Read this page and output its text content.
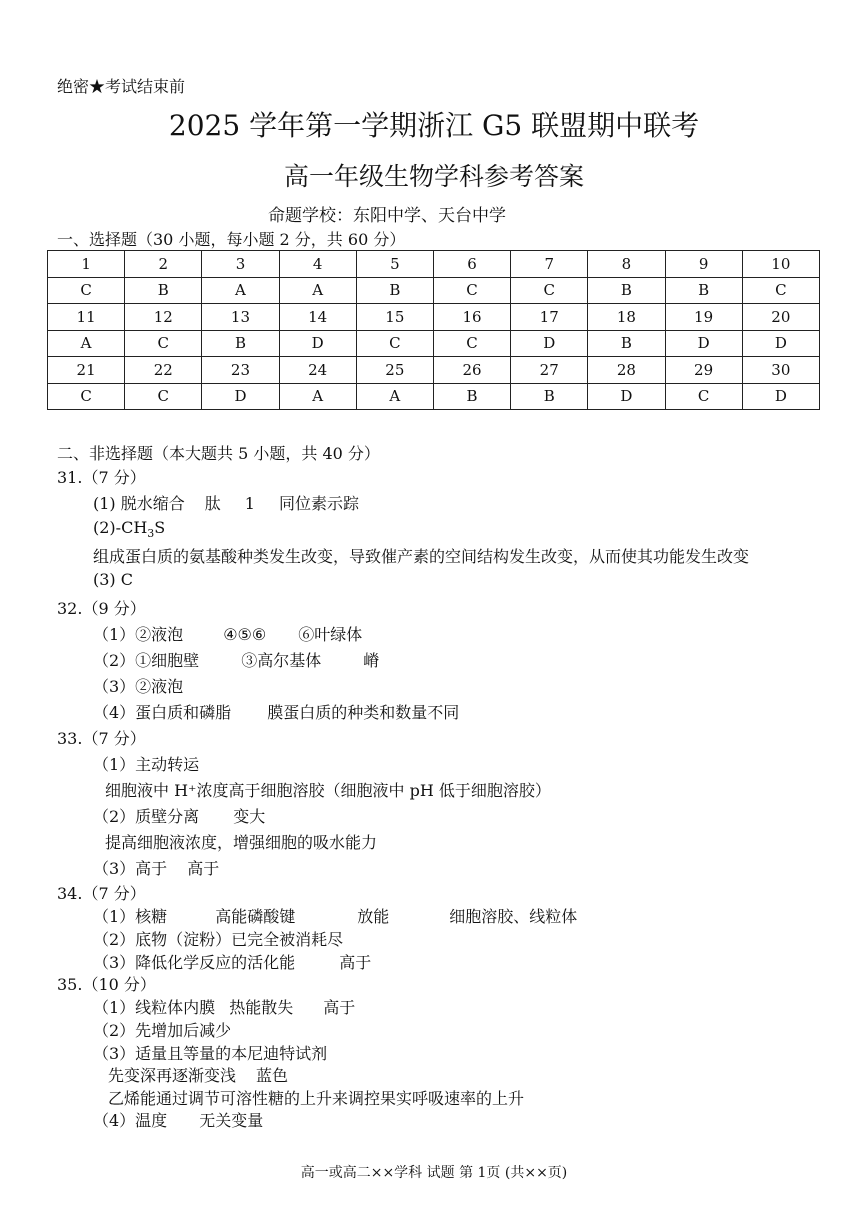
绝密★考试结束前
2025 学年第一学期浙江 G5 联盟期中联考
高一年级生物学科参考答案
命题学校：东阳中学、天台中学
一、选择题（30 小题，每小题 2 分，共 60 分）
1	2	3	4	5	6	7	8	9	10
C	B	A	A	B	C	C	B	B	C
11	12	13	14	15	16	17	18	19	20
A	C	B	D	C	C	D	B	D	D
21	22	23	24	25	26	27	28	29	30
C	C	D	A	A	B	B	D	C	D
二、非选择题（本大题共 5 小题，共 40 分）
31.（7 分）
(1) 脱水缩合 肽 1 同位素示踪
$(2)-CH_3S$
组成蛋白质的氨基酸种类发生改变，导致催产素的空间结构发生改变，从而使其功能发生改变
(3) C
32.（9 分）
（1）②液泡	④⑤⑥ ⑥叶绿体
（2）①细胞壁	③高尔基体	嵴
（3）②液泡
（4）蛋白质和磷脂 膜蛋白质的种类和数量不同
33.（7 分）
（1）主动转运
细胞液中 H⁺浓度高于细胞溶胶（细胞液中 pH 低于细胞溶胶）
（2）质壁分离 变大
提高细胞液浓度，增强细胞的吸水能力
（3）高于 高于
34.（7 分）
（1）核糖	高能磷酸键	放能	细胞溶胶、线粒体
（2）底物（淀粉）已完全被消耗尽
（3）降低化学反应的活化能	高于
35.（10 分）
（1）线粒体内膜 热能散失 高于
（2）先增加后减少
（3）适量且等量的本尼迪特试剂
先变深再逐渐变浅 蓝色
乙烯能通过调节可溶性糖的上升来调控果实呼吸速率的上升
（4）温度 无关变量
高一或高二××学科 试题 第 1页 (共××页)
